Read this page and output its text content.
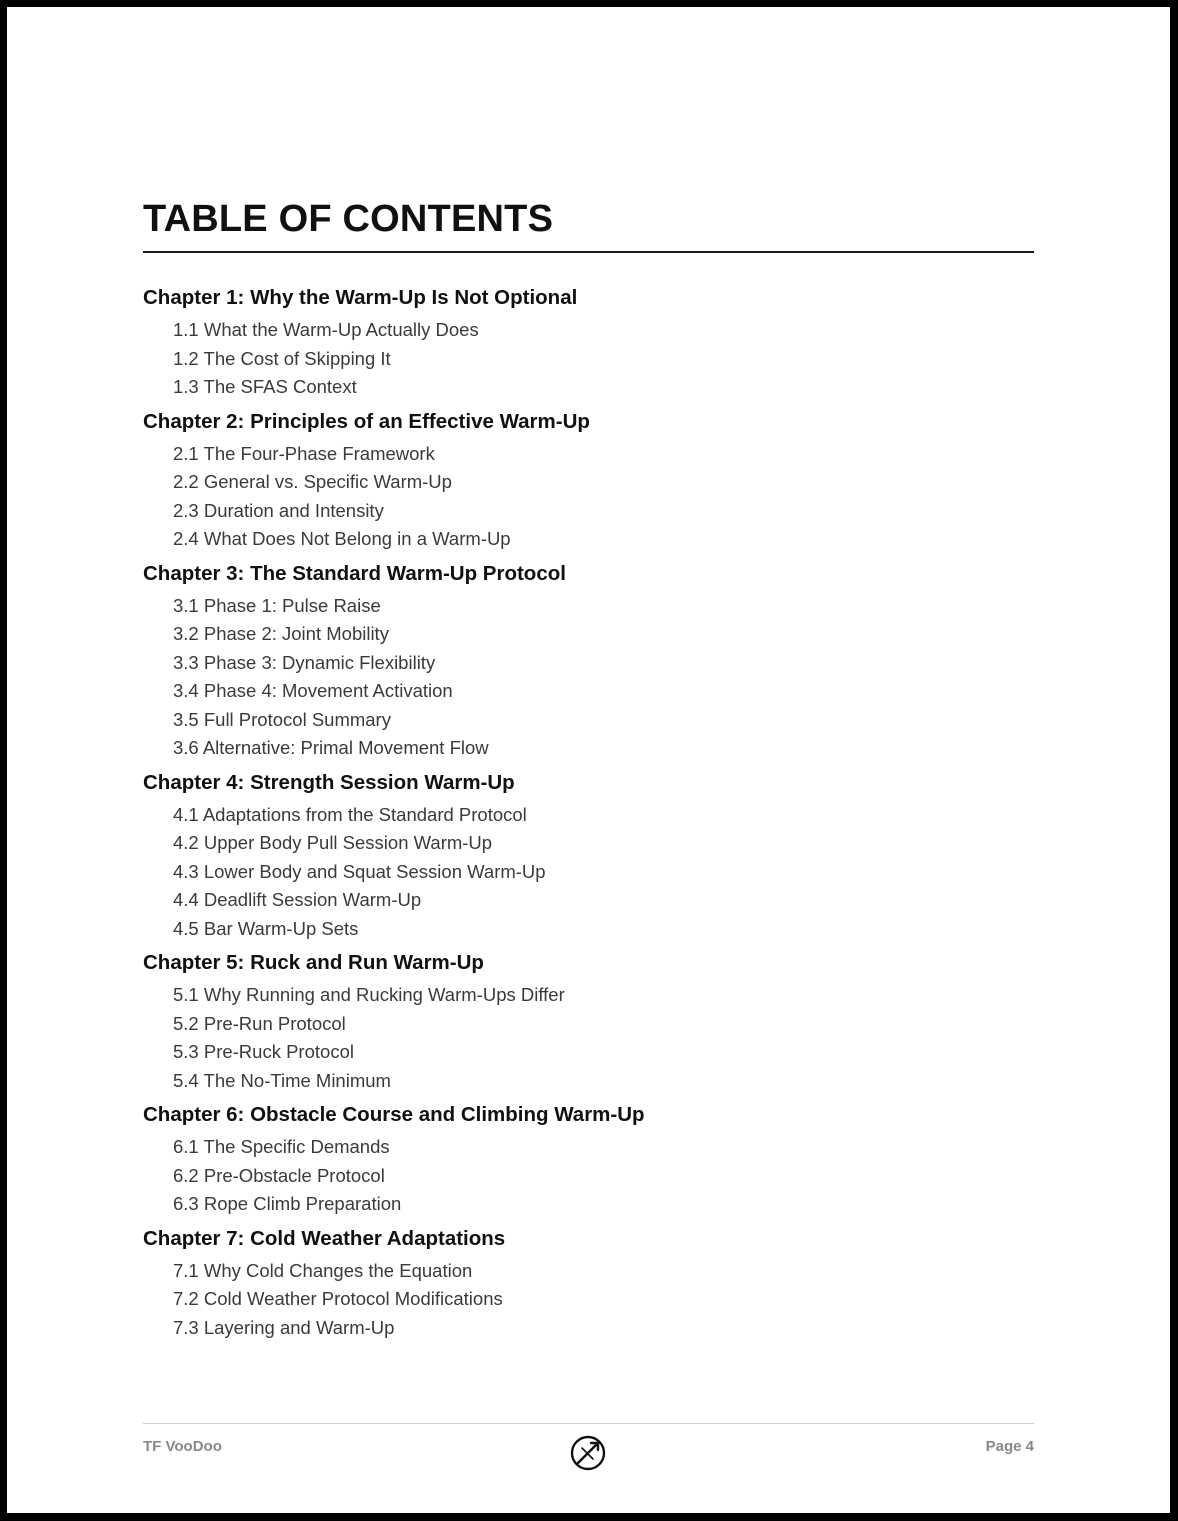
TABLE OF CONTENTS
Chapter 1: Why the Warm-Up Is Not Optional
1.1 What the Warm-Up Actually Does
1.2 The Cost of Skipping It
1.3 The SFAS Context
Chapter 2: Principles of an Effective Warm-Up
2.1 The Four-Phase Framework
2.2 General vs. Specific Warm-Up
2.3 Duration and Intensity
2.4 What Does Not Belong in a Warm-Up
Chapter 3: The Standard Warm-Up Protocol
3.1 Phase 1: Pulse Raise
3.2 Phase 2: Joint Mobility
3.3 Phase 3: Dynamic Flexibility
3.4 Phase 4: Movement Activation
3.5 Full Protocol Summary
3.6 Alternative: Primal Movement Flow
Chapter 4: Strength Session Warm-Up
4.1 Adaptations from the Standard Protocol
4.2 Upper Body Pull Session Warm-Up
4.3 Lower Body and Squat Session Warm-Up
4.4 Deadlift Session Warm-Up
4.5 Bar Warm-Up Sets
Chapter 5: Ruck and Run Warm-Up
5.1 Why Running and Rucking Warm-Ups Differ
5.2 Pre-Run Protocol
5.3 Pre-Ruck Protocol
5.4 The No-Time Minimum
Chapter 6: Obstacle Course and Climbing Warm-Up
6.1 The Specific Demands
6.2 Pre-Obstacle Protocol
6.3 Rope Climb Preparation
Chapter 7: Cold Weather Adaptations
7.1 Why Cold Changes the Equation
7.2 Cold Weather Protocol Modifications
7.3 Layering and Warm-Up
TF VooDoo	Page 4
